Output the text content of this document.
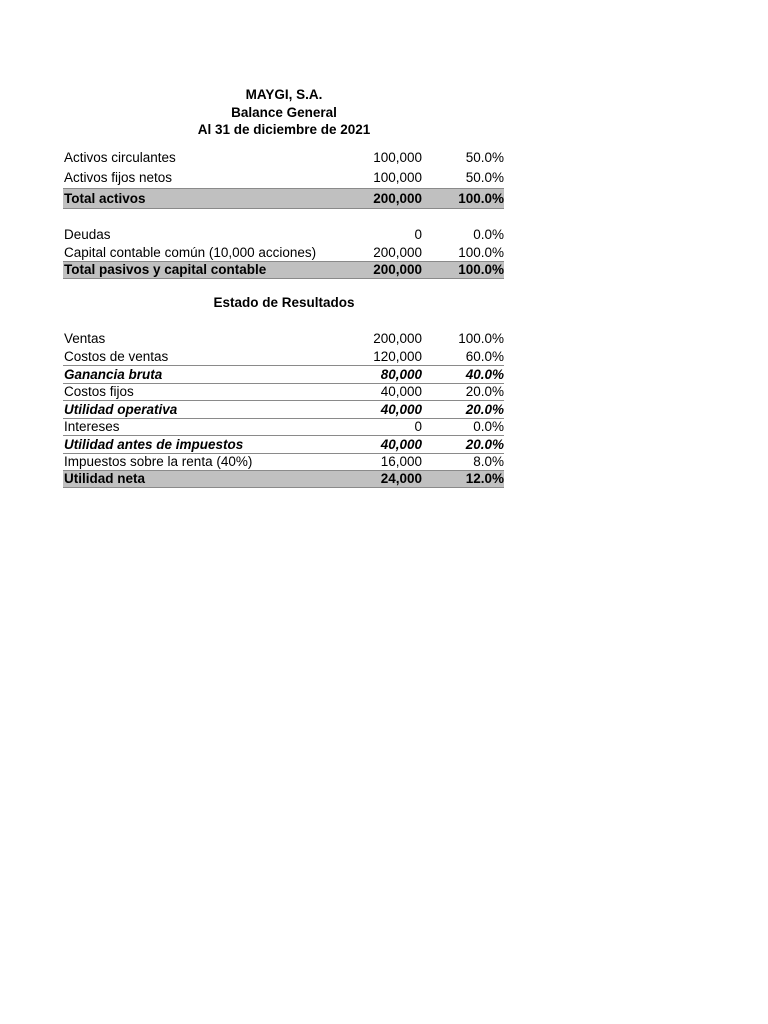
MAYGI, S.A.
Balance General
Al 31 de diciembre de 2021
Activos circulantes	100,000	50.0%
Activos fijos netos	100,000	50.0%
Total activos	200,000	100.0%
Deudas	0	0.0%
Capital contable común (10,000 acciones)	200,000	100.0%
Total pasivos y capital contable	200,000	100.0%
Estado de Resultados
Ventas	200,000	100.0%
Costos de ventas	120,000	60.0%
Ganancia bruta	80,000	40.0%
Costos fijos	40,000	20.0%
Utilidad operativa	40,000	20.0%
Intereses	0	0.0%
Utilidad antes de impuestos	40,000	20.0%
Impuestos sobre la renta (40%)	16,000	8.0%
Utilidad neta	24,000	12.0%
